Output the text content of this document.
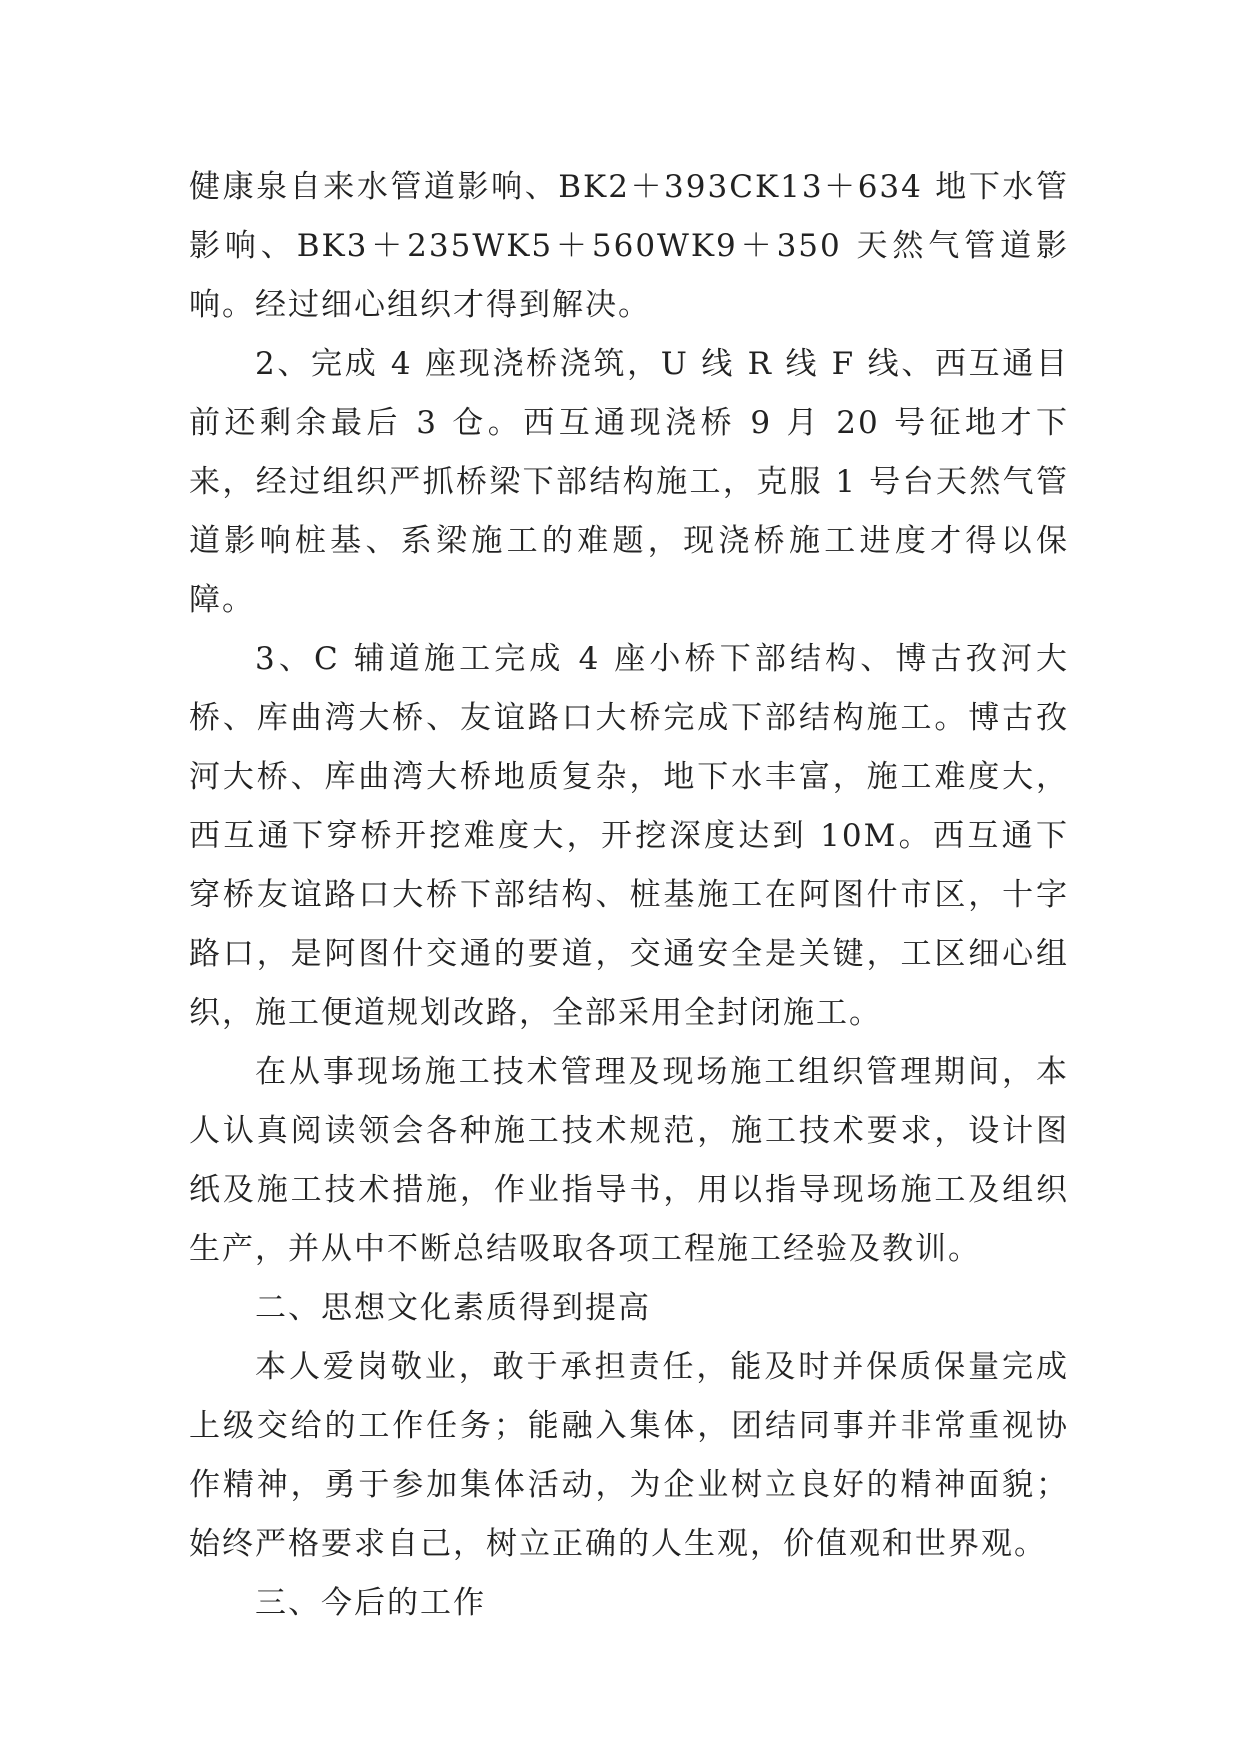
健康泉自来水管道影响、BK2＋393CK13＋634 地下水管影响、BK3＋235WK5＋560WK9＋350 天然气管道影响。经过细心组织才得到解决。

2、完成 4 座现浇桥浇筑，U 线 R 线 F 线、西互通目前还剩余最后 3 仓。西互通现浇桥 9 月 20 号征地才下来，经过组织严抓桥梁下部结构施工，克服 1 号台天然气管道影响桩基、系梁施工的难题，现浇桥施工进度才得以保障。

3、C 辅道施工完成 4 座小桥下部结构、博古孜河大桥、库曲湾大桥、友谊路口大桥完成下部结构施工。博古孜河大桥、库曲湾大桥地质复杂，地下水丰富，施工难度大，西互通下穿桥开挖难度大，开挖深度达到 10M。西互通下穿桥友谊路口大桥下部结构、桩基施工在阿图什市区，十字路口，是阿图什交通的要道，交通安全是关键，工区细心组织，施工便道规划改路，全部采用全封闭施工。

在从事现场施工技术管理及现场施工组织管理期间，本人认真阅读领会各种施工技术规范，施工技术要求，设计图纸及施工技术措施，作业指导书，用以指导现场施工及组织生产，并从中不断总结吸取各项工程施工经验及教训。

二、思想文化素质得到提高

本人爱岗敬业，敢于承担责任，能及时并保质保量完成上级交给的工作任务；能融入集体，团结同事并非常重视协作精神，勇于参加集体活动，为企业树立良好的精神面貌；始终严格要求自己，树立正确的人生观，价值观和世界观。

三、今后的工作
